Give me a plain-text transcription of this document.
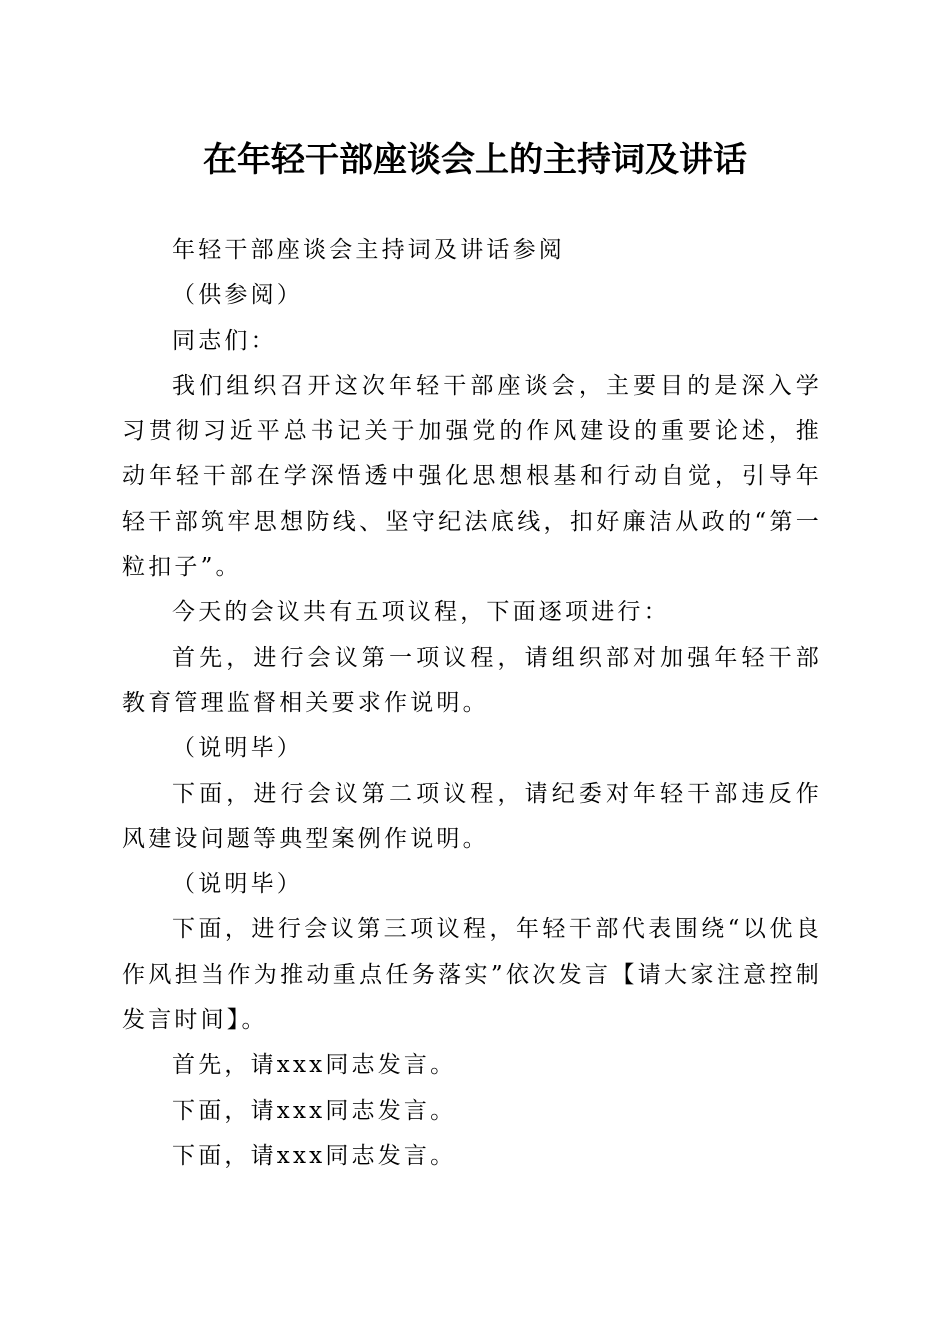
在年轻干部座谈会上的主持词及讲话

年轻干部座谈会主持词及讲话参阅

（供参阅）

同志们：

我们组织召开这次年轻干部座谈会，主要目的是深入学习贯彻习近平总书记关于加强党的作风建设的重要论述，推动年轻干部在学深悟透中强化思想根基和行动自觉，引导年轻干部筑牢思想防线、坚守纪法底线，扣好廉洁从政的“第一粒扣子”。

今天的会议共有五项议程，下面逐项进行：

首先，进行会议第一项议程，请组织部对加强年轻干部教育管理监督相关要求作说明。

（说明毕）

下面，进行会议第二项议程，请纪委对年轻干部违反作风建设问题等典型案例作说明。

（说明毕）

下面，进行会议第三项议程，年轻干部代表围绕“以优良作风担当作为推动重点任务落实”依次发言【请大家注意控制发言时间】。

首先，请xxx同志发言。

下面，请xxx同志发言。

下面，请xxx同志发言。
